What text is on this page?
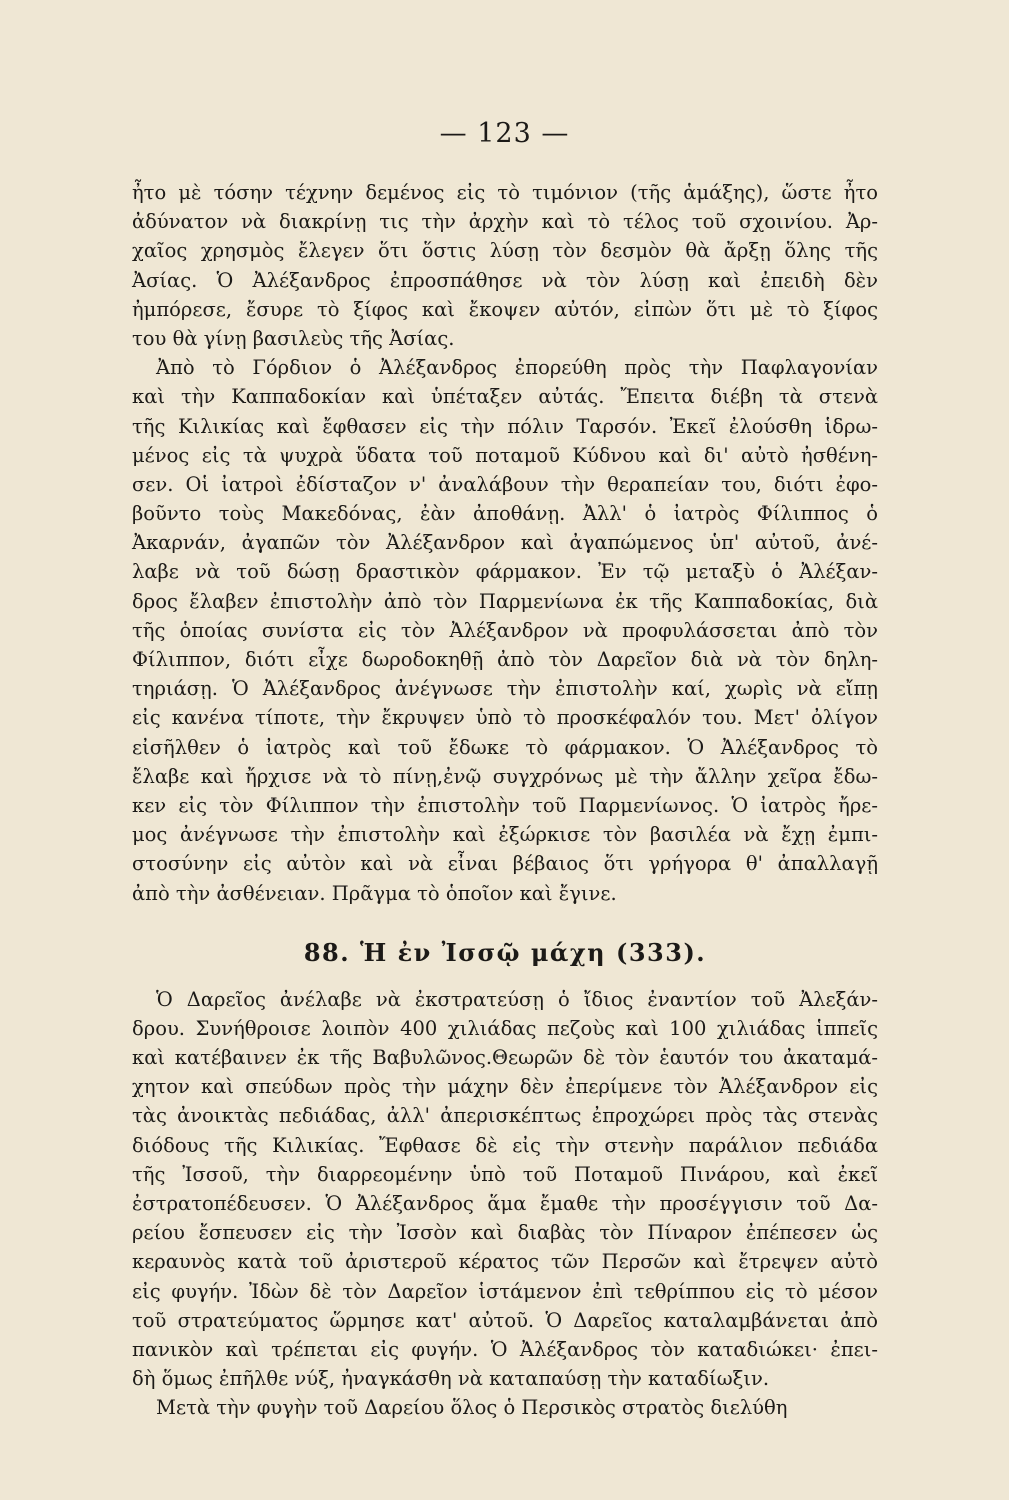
— 123 —
ἦτο μὲ τόσην τέχνην δεμένος εἰς τὸ τιμόνιον (τῆς ἁμάξης), ὥστε ἦτο
ἀδύνατον νὰ διακρίνῃ τις τὴν ἀρχὴν καὶ τὸ τέλος τοῦ σχοινίου. Ἀρ-
χαῖος χρησμὸς ἔλεγεν ὅτι ὅστις λύσῃ τὸν δεσμὸν θὰ ἄρξῃ ὅλης τῆς
Ἀσίας. Ὁ Ἀλέξανδρος ἐπροσπάθησε νὰ τὸν λύσῃ καὶ ἐπειδὴ δὲν
ἠμπόρεσε, ἔσυρε τὸ ξίφος καὶ ἔκοψεν αὐτόν, εἰπὼν ὅτι μὲ τὸ ξίφος
του θὰ γίνῃ βασιλεὺς τῆς Ἀσίας.
Ἀπὸ τὸ Γόρδιον ὁ Ἀλέξανδρος ἐπορεύθη πρὸς τὴν Παφλαγονίαν
καὶ τὴν Καππαδοκίαν καὶ ὑπέταξεν αὐτάς. Ἔπειτα διέβη τὰ στενὰ
τῆς Κιλικίας καὶ ἔφθασεν εἰς τὴν πόλιν Ταρσόν. Ἐκεῖ ἐλούσθη ἱδρω-
μένος εἰς τὰ ψυχρὰ ὕδατα τοῦ ποταμοῦ Κύδνου καὶ δι' αὐτὸ ἠσθένη-
σεν. Οἱ ἰατροὶ ἐδίσταζον ν' ἀναλάβουν τὴν θεραπείαν του, διότι ἐφο-
βοῦντο τοὺς Μακεδόνας, ἐὰν ἀποθάνῃ. Ἀλλ' ὁ ἰατρὸς Φίλιππος ὁ
Ἀκαρνάν, ἀγαπῶν τὸν Ἀλέξανδρον καὶ ἀγαπώμενος ὑπ' αὐτοῦ, ἀνέ-
λαβε νὰ τοῦ δώσῃ δραστικὸν φάρμακον. Ἐν τῷ μεταξὺ ὁ Ἀλέξαν-
δρος ἔλαβεν ἐπιστολὴν ἀπὸ τὸν Παρμενίωνα ἐκ τῆς Καππαδοκίας, διὰ
τῆς ὁποίας συνίστα εἰς τὸν Ἀλέξανδρον νὰ προφυλάσσεται ἀπὸ τὸν
Φίλιππον, διότι εἶχε δωροδοκηθῇ ἀπὸ τὸν Δαρεῖον διὰ νὰ τὸν δηλη-
τηριάσῃ. Ὁ Ἀλέξανδρος ἀνέγνωσε τὴν ἐπιστολὴν καί, χωρὶς νὰ εἴπῃ
εἰς κανένα τίποτε, τὴν ἔκρυψεν ὑπὸ τὸ προσκέφαλόν του. Μετ' ὀλίγον
εἰσῆλθεν ὁ ἰατρὸς καὶ τοῦ ἔδωκε τὸ φάρμακον. Ὁ Ἀλέξανδρος τὸ
ἔλαβε καὶ ἤρχισε νὰ τὸ πίνῃ,ἐνῷ συγχρόνως μὲ τὴν ἄλλην χεῖρα ἔδω-
κεν εἰς τὸν Φίλιππον τὴν ἐπιστολὴν τοῦ Παρμενίωνος. Ὁ ἰατρὸς ἤρε-
μος ἀνέγνωσε τὴν ἐπιστολὴν καὶ ἐξώρκισε τὸν βασιλέα νὰ ἔχῃ ἐμπι-
στοσύνην εἰς αὐτὸν καὶ νὰ εἶναι βέβαιος ὅτι γρήγορα θ' ἀπαλλαγῇ
ἀπὸ τὴν ἀσθένειαν. Πρᾶγμα τὸ ὁποῖον καὶ ἔγινε.
88. Ἡ ἐν Ἰσσῷ μάχη (333).
Ὁ Δαρεῖος ἀνέλαβε νὰ ἐκστρατεύσῃ ὁ ἴδιος ἐναντίον τοῦ Ἀλεξάν-
δρου. Συνήθροισε λοιπὸν 400 χιλιάδας πεζοὺς καὶ 100 χιλιάδας ἱππεῖς
καὶ κατέβαινεν ἐκ τῆς Βαβυλῶνος.Θεωρῶν δὲ τὸν ἑαυτόν του ἀκαταμά-
χητον καὶ σπεύδων πρὸς τὴν μάχην δὲν ἐπερίμενε τὸν Ἀλέξανδρον εἰς
τὰς ἀνοικτὰς πεδιάδας, ἀλλ' ἀπερισκέπτως ἐπροχώρει πρὸς τὰς στενὰς
διόδους τῆς Κιλικίας. Ἔφθασε δὲ εἰς τὴν στενὴν παράλιον πεδιάδα
τῆς Ἰσσοῦ, τὴν διαρρεομένην ὑπὸ τοῦ Ποταμοῦ Πινάρου, καὶ ἐκεῖ
ἐστρατοπέδευσεν. Ὁ Ἀλέξανδρος ἅμα ἔμαθε τὴν προσέγγισιν τοῦ Δα-
ρείου ἔσπευσεν εἰς τὴν Ἰσσὸν καὶ διαβὰς τὸν Πίναρον ἐπέπεσεν ὡς
κεραυνὸς κατὰ τοῦ ἀριστεροῦ κέρατος τῶν Περσῶν καὶ ἔτρεψεν αὐτὸ
εἰς φυγήν. Ἰδὼν δὲ τὸν Δαρεῖον ἱστάμενον ἐπὶ τεθρίππου εἰς τὸ μέσον
τοῦ στρατεύματος ὥρμησε κατ' αὐτοῦ. Ὁ Δαρεῖος καταλαμβάνεται ἀπὸ
πανικὸν καὶ τρέπεται εἰς φυγήν. Ὁ Ἀλέξανδρος τὸν καταδιώκει· ἐπει-
δὴ ὅμως ἐπῆλθε νύξ, ἠναγκάσθη νὰ καταπαύσῃ τὴν καταδίωξιν.
Μετὰ τὴν φυγὴν τοῦ Δαρείου ὅλος ὁ Περσικὸς στρατὸς διελύθη
